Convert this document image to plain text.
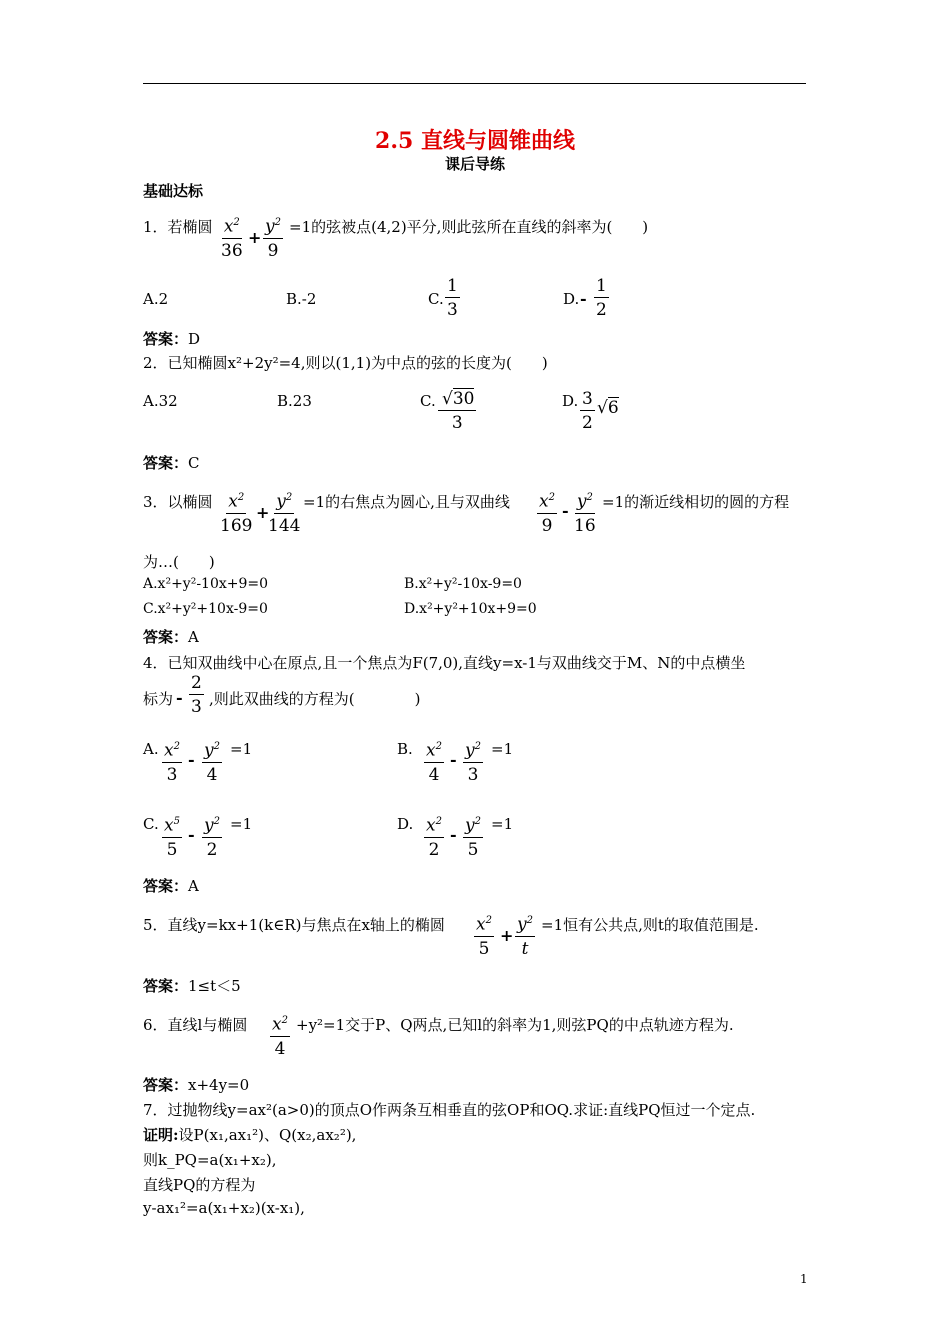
2.5 直线与圆锥曲线
课后导练
基础达标
1．若椭圆 $\frac{x^2}{36} + \frac{y^2}{9} =1$的弦被点(4,2)平分,则此弦所在直线的斜率为(　　)
A.2	B.-2	C. $\frac{1}{3}$	D. - $\frac{1}{2}$
答案：D
2．已知椭圆x²+2y²=4,则以(1,1)为中点的弦的长度为(　　)
A.32	B.23	C. $\frac{√30}{3}$	D. $\frac{3}{2} √6$
答案：C
3．以椭圆 $\frac{x^2}{169}$ +
$\frac{y^2}{144} =1$的右焦点为圆心,且与双曲线 $\frac{x^2}{9} - \frac{y^2}{16} =1$的渐近线相切的圆的方程
为…(　　)
A.x²+y²-10x+9=0	B.x²+y²-10x-9=0
C.x²+y²+10x-9=0	D.x²+y²+10x+9=0
答案：A
4．已知双曲线中心在原点,且一个焦点为F(7,0),直线y=x-1与双曲线交于M、N的中点横坐
标为 - $\frac{2}{3}$ ,则此双曲线的方程为(　　　　)
A. $\frac{x^2}{3} - \frac{y^2}{4} =1$	B. $\frac{x^2}{4} - \frac{y^2}{3} =1$
C. $\frac{x^5}{5} - \frac{y^2}{2} =1$	D. $\frac{x^2}{2} - \frac{y^2}{5} =1$
答案：A
5．直线y=kx+1(k∈R)与焦点在x轴上的椭圆 $\frac{x^2}{5} + \frac{y^2}{t} =1$恒有公共点,则t的取值范围是.
答案：1≤t＜5
6．直线l与椭圆 $\frac{x^2}{4} +y^2=1$交于P、Q两点,已知l的斜率为1,则弦PQ的中点轨迹方程为.
答案：x+4y=0
7．过抛物线y=ax²(a>0)的顶点O作两条互相垂直的弦OP和OQ.求证:直线PQ恒过一个定点.
证明:设P(x₁,ax₁²)、Q(x₂,ax₂²),
则k_PQ=a(x₁+x₂),
直线PQ的方程为
y-ax₁²=a(x₁+x₂)(x-x₁),
1
